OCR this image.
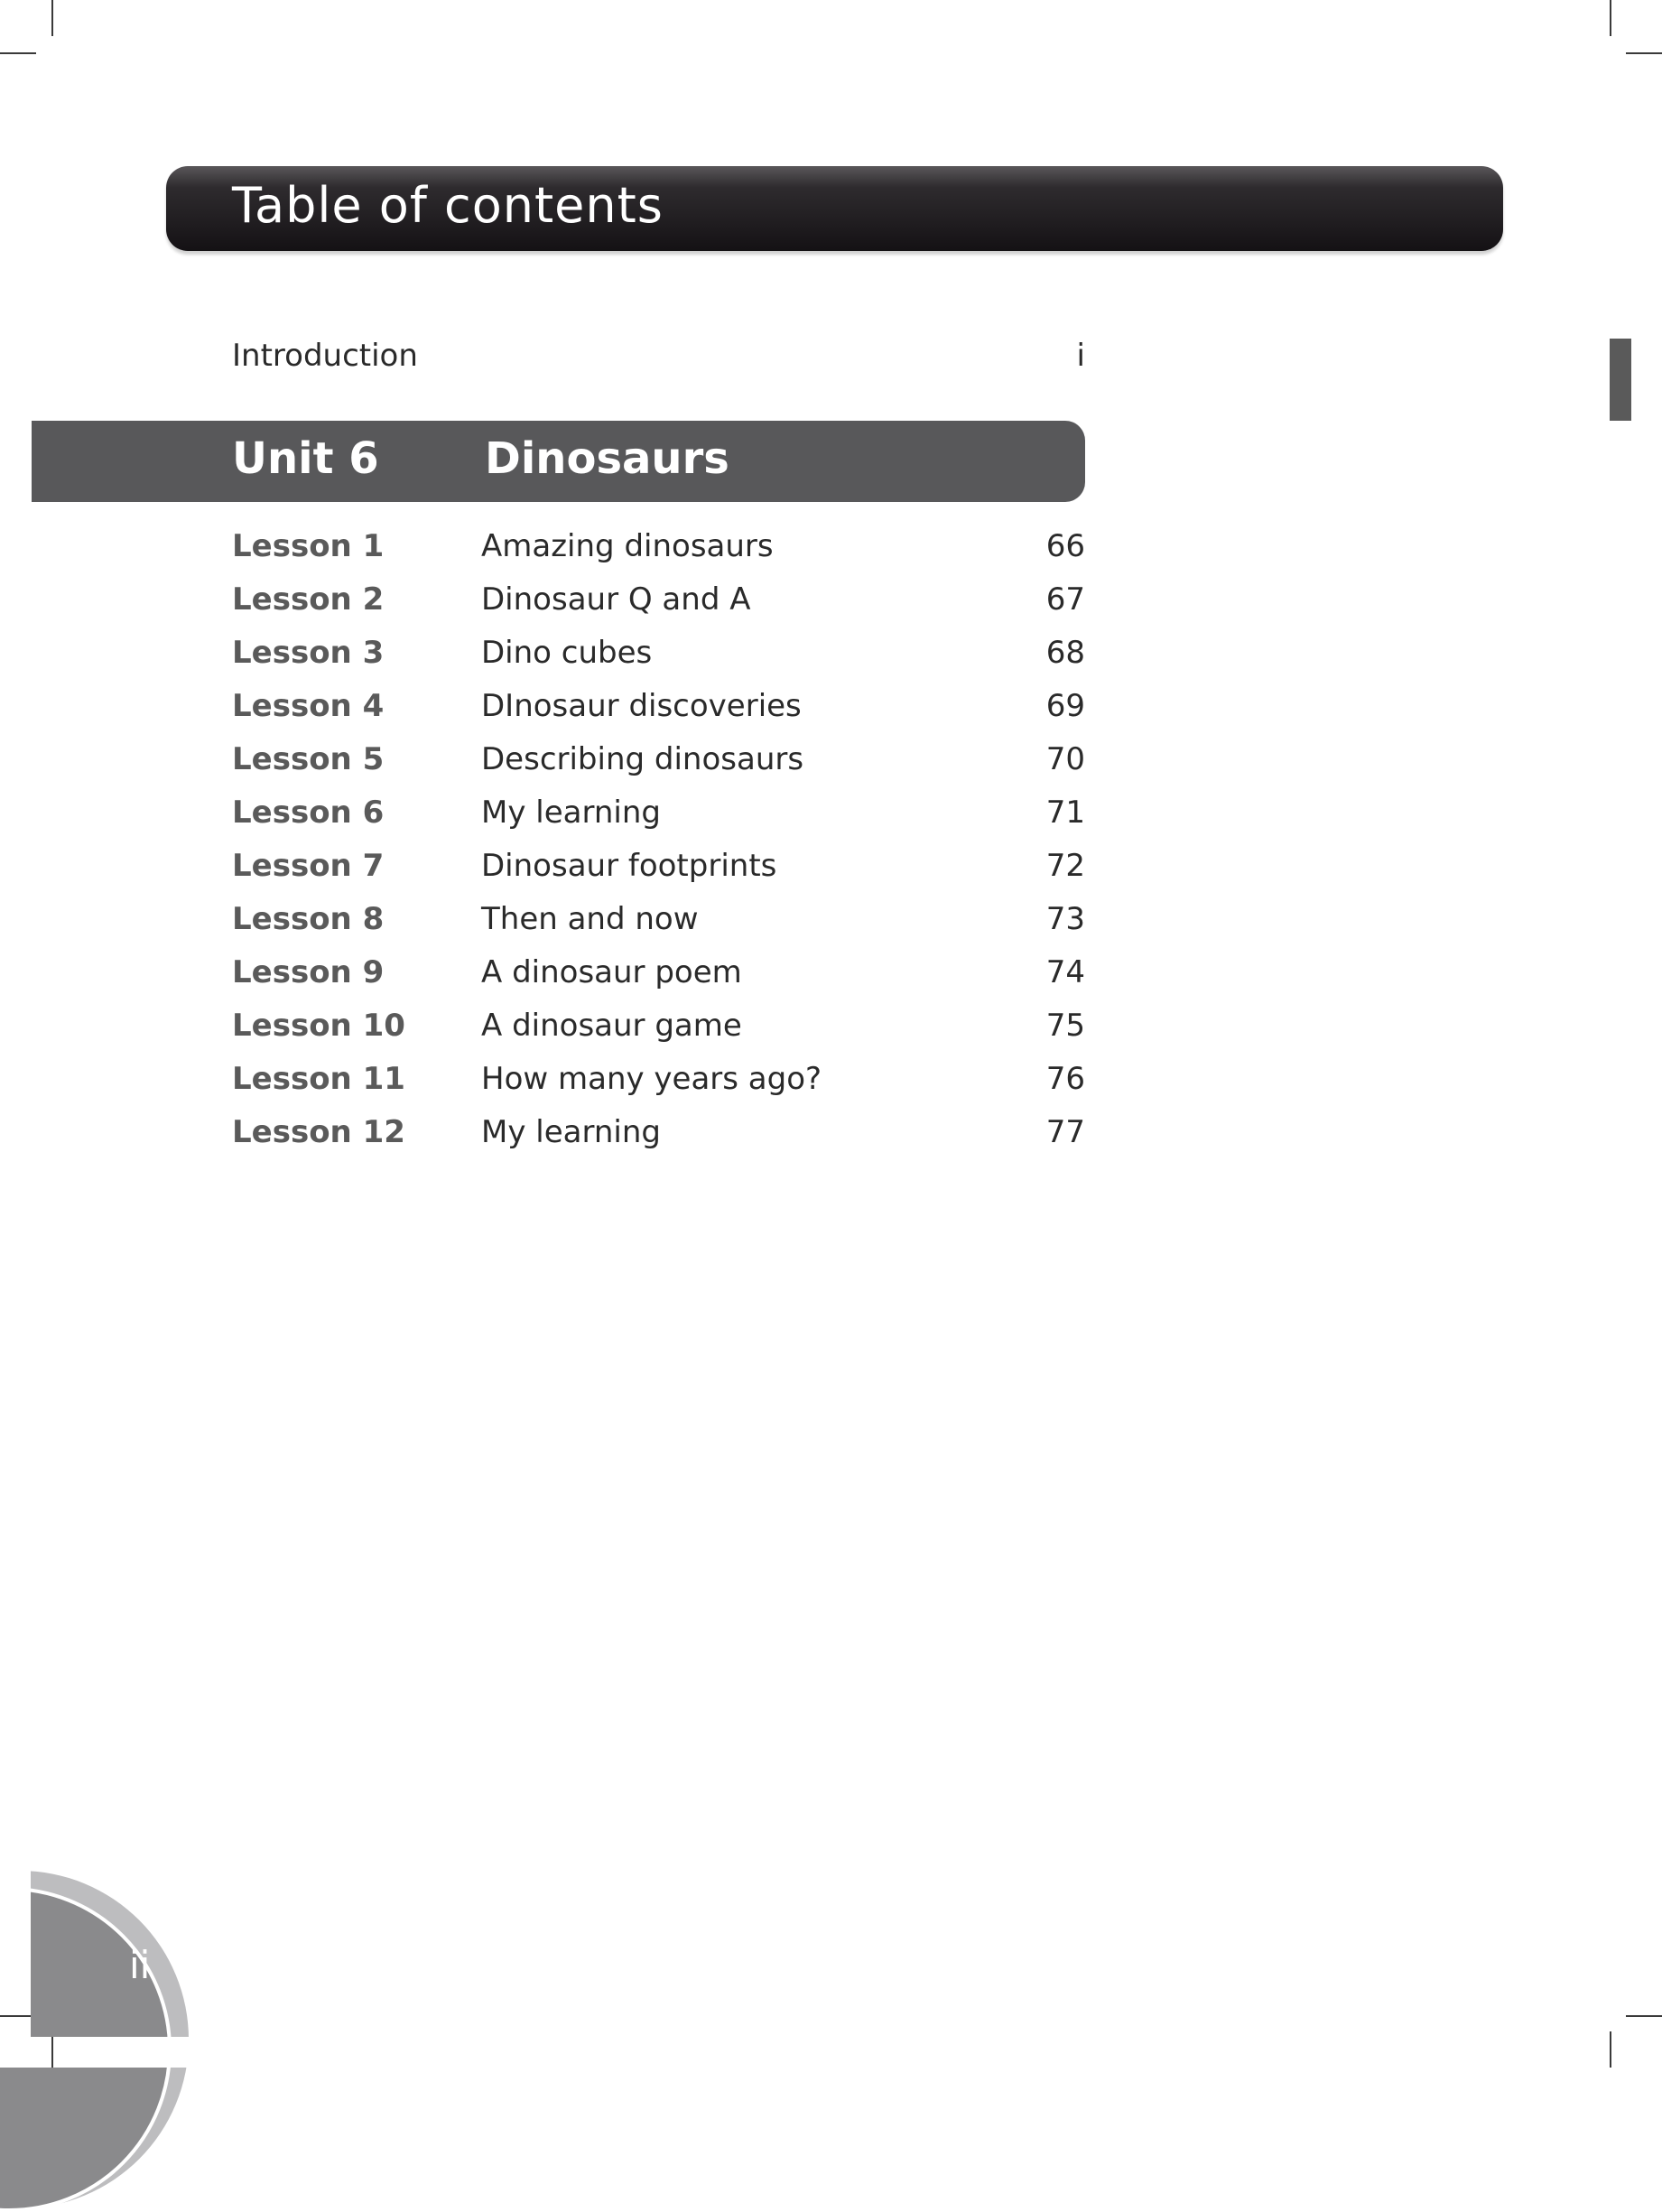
Table of contents
Introduction	i
Unit 6 Dinosaurs
Lesson 1	Amazing dinosaurs	66
Lesson 2	Dinosaur Q and A	67
Lesson 3	Dino cubes	68
Lesson 4	DInosaur discoveries	69
Lesson 5	Describing dinosaurs	70
Lesson 6	My learning	71
Lesson 7	Dinosaur footprints	72
Lesson 8	Then and now	73
Lesson 9	A dinosaur poem	74
Lesson 10 A dinosaur game	75
Lesson 11 How many years ago?	76
Lesson 12 My learning	77
ii
